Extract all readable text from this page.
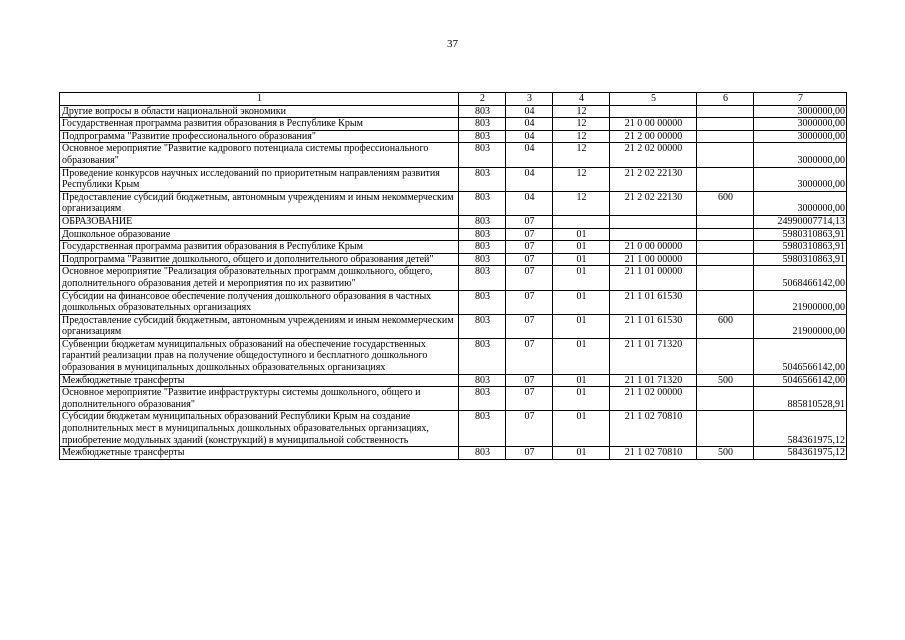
37
1	2	3	4	5	6	7
Другие вопросы в области национальной экономики	803	04	12			3000000,00
Государственная программа развития образования в Республике Крым	803	04	12	21 0 00 00000		3000000,00
Подпрограмма "Развитие профессионального образования"	803	04	12	21 2 00 00000		3000000,00
Основное мероприятие "Развитие кадрового потенциала системы профессионального образования"	803	04	12	21 2 02 00000		3000000,00
Проведение конкурсов научных исследований по приоритетным направлениям развития Республики Крым	803	04	12	21 2 02 22130		3000000,00
Предоставление субсидий бюджетным, автономным учреждениям и иным некоммерческим организациям	803	04	12	21 2 02 22130	600	3000000,00
ОБРАЗОВАНИЕ	803	07				24990007714,13
Дошкольное образование	803	07	01			5980310863,91
Государственная программа развития образования в Республике Крым	803	07	01	21 0 00 00000		5980310863,91
Подпрограмма "Развитие дошкольного, общего и дополнительного образования детей"	803	07	01	21 1 00 00000		5980310863,91
Основное мероприятие "Реализация образовательных программ дошкольного, общего, дополнительного образования детей и мероприятия по их развитию"	803	07	01	21 1 01 00000		5068466142,00
Субсидии на финансовое обеспечение получения дошкольного образования в частных дошкольных образовательных организациях	803	07	01	21 1 01 61530		21900000,00
Предоставление субсидий бюджетным, автономным учреждениям и иным некоммерческим организациям	803	07	01	21 1 01 61530	600	21900000,00
Субвенции бюджетам муниципальных образований на обеспечение государственных гарантий реализации прав на получение общедоступного и бесплатного дошкольного образования в муниципальных дошкольных образовательных организациях	803	07	01	21 1 01 71320		5046566142,00
Межбюджетные трансферты	803	07	01	21 1 01 71320	500	5046566142,00
Основное мероприятие "Развитие инфраструктуры системы дошкольного, общего и дополнительного образования"	803	07	01	21 1 02 00000		885810528,91
Субсидии бюджетам муниципальных образований Республики Крым на создание дополнительных мест в муниципальных дошкольных образовательных организациях, приобретение модульных зданий (конструкций) в муниципальной собственность	803	07	01	21 1 02 70810		584361975,12
Межбюджетные трансферты	803	07	01	21 1 02 70810	500	584361975,12
